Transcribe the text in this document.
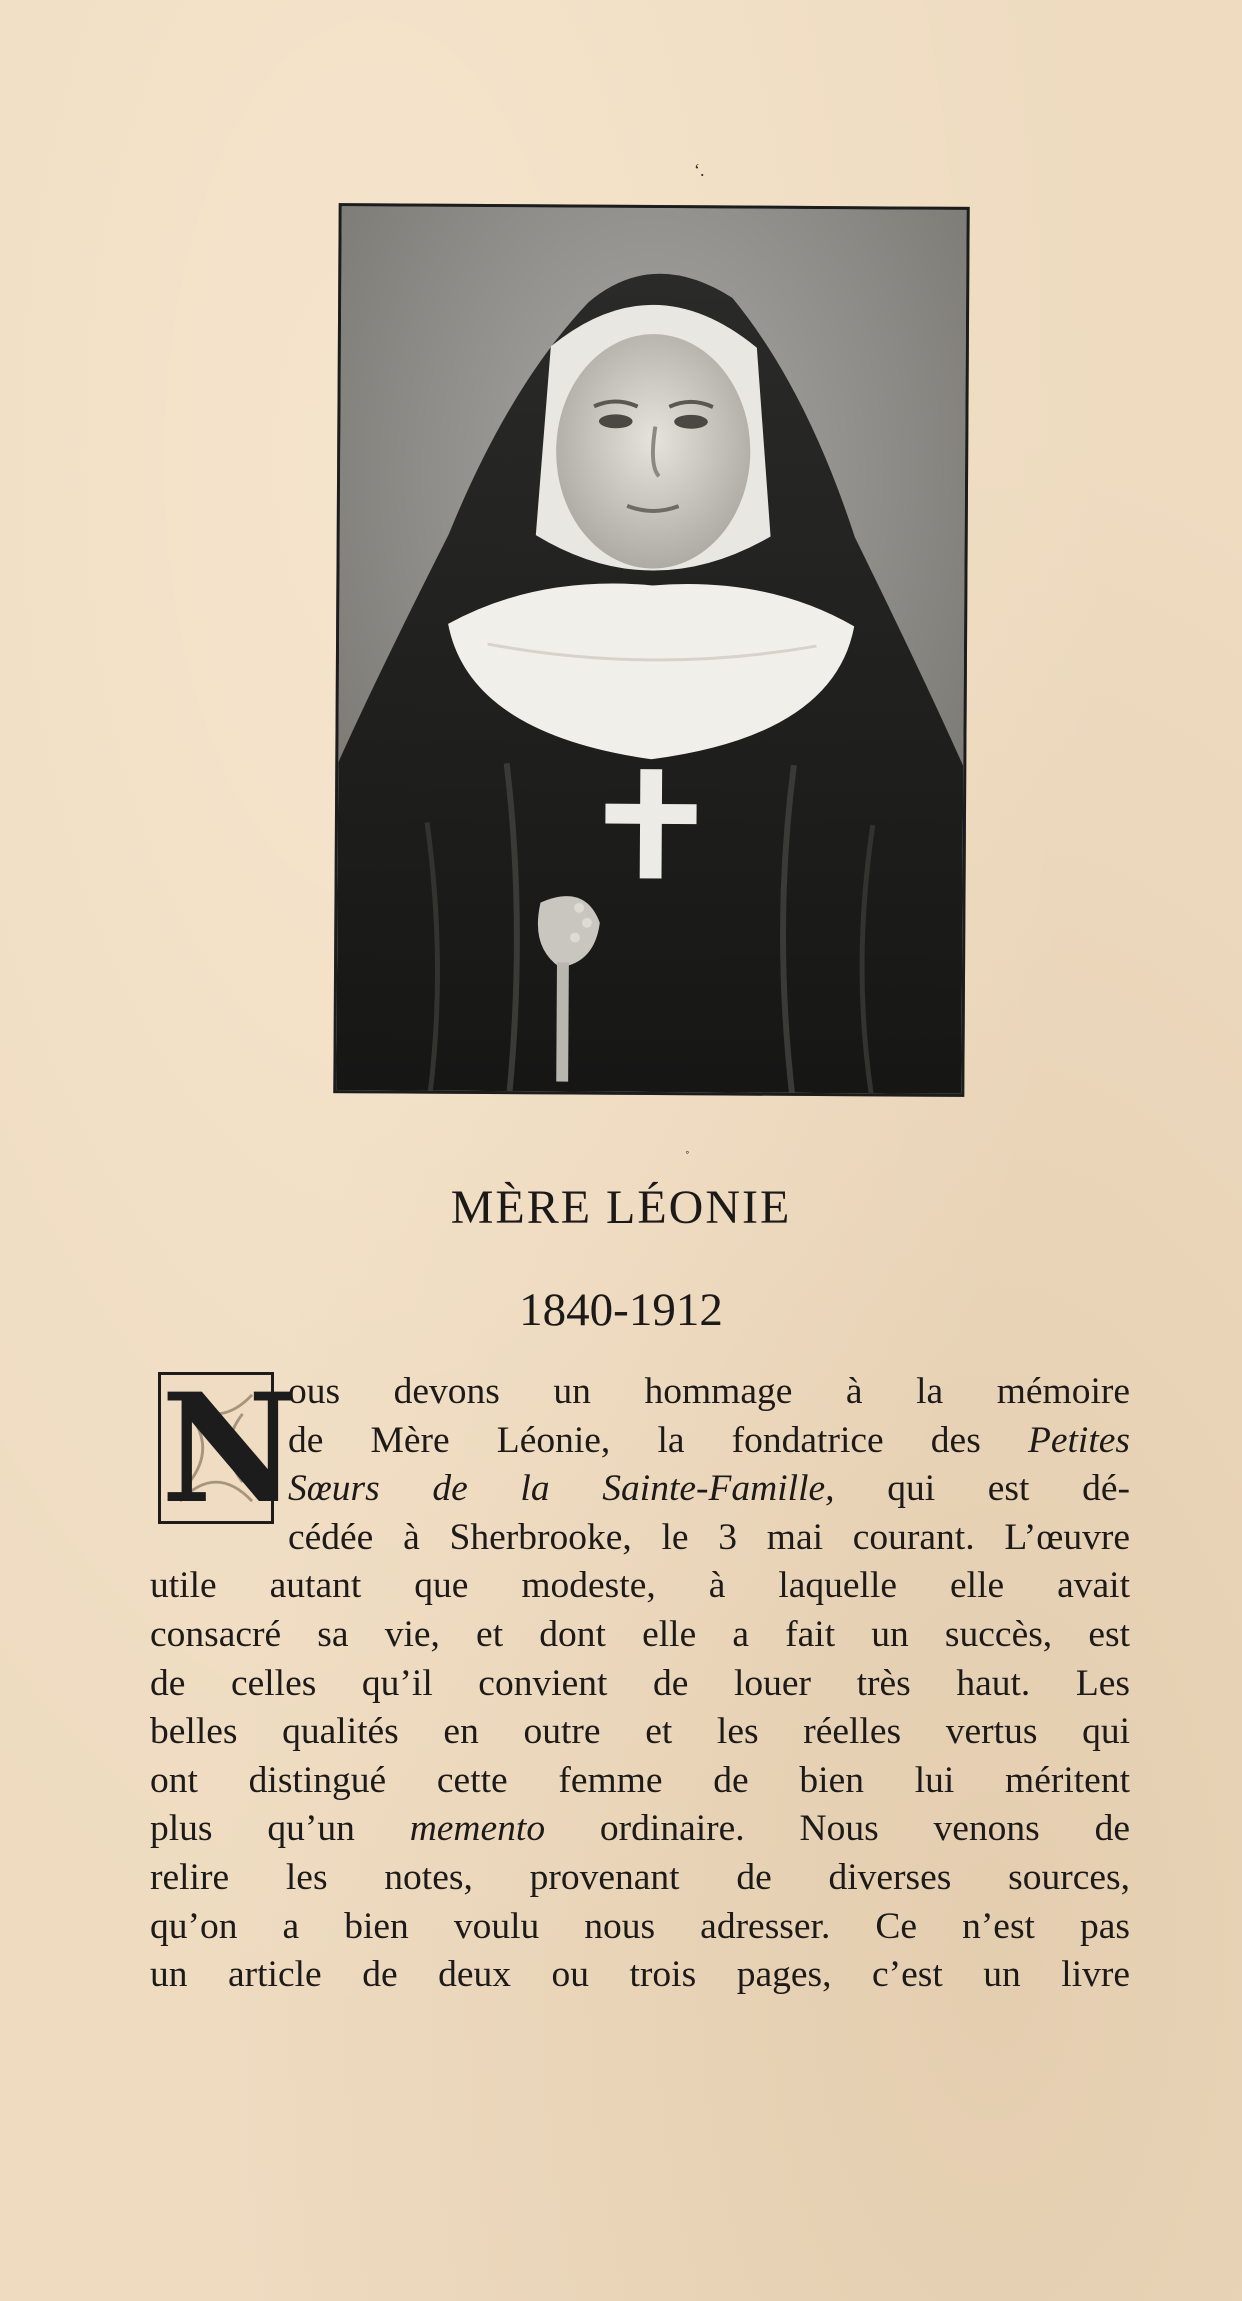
‘.
MÈRE LÉONIE
1840-1912
N
ous devons un hommage à la mémoire
de Mère Léonie, la fondatrice des Petites
Sœurs de la Sainte-Famille, qui est dé-
cédée à Sherbrooke, le 3 mai courant. L’œuvre
utile autant que modeste, à laquelle elle avait
consacré sa vie, et dont elle a fait un succès, est
de celles qu’il convient de louer très haut. Les
belles qualités en outre et les réelles vertus qui
ont distingué cette femme de bien lui méritent
plus qu’un memento ordinaire. Nous venons de
relire les notes, provenant de diverses sources,
qu’on a bien voulu nous adresser. Ce n’est pas
un article de deux ou trois pages, c’est un livre
˚
